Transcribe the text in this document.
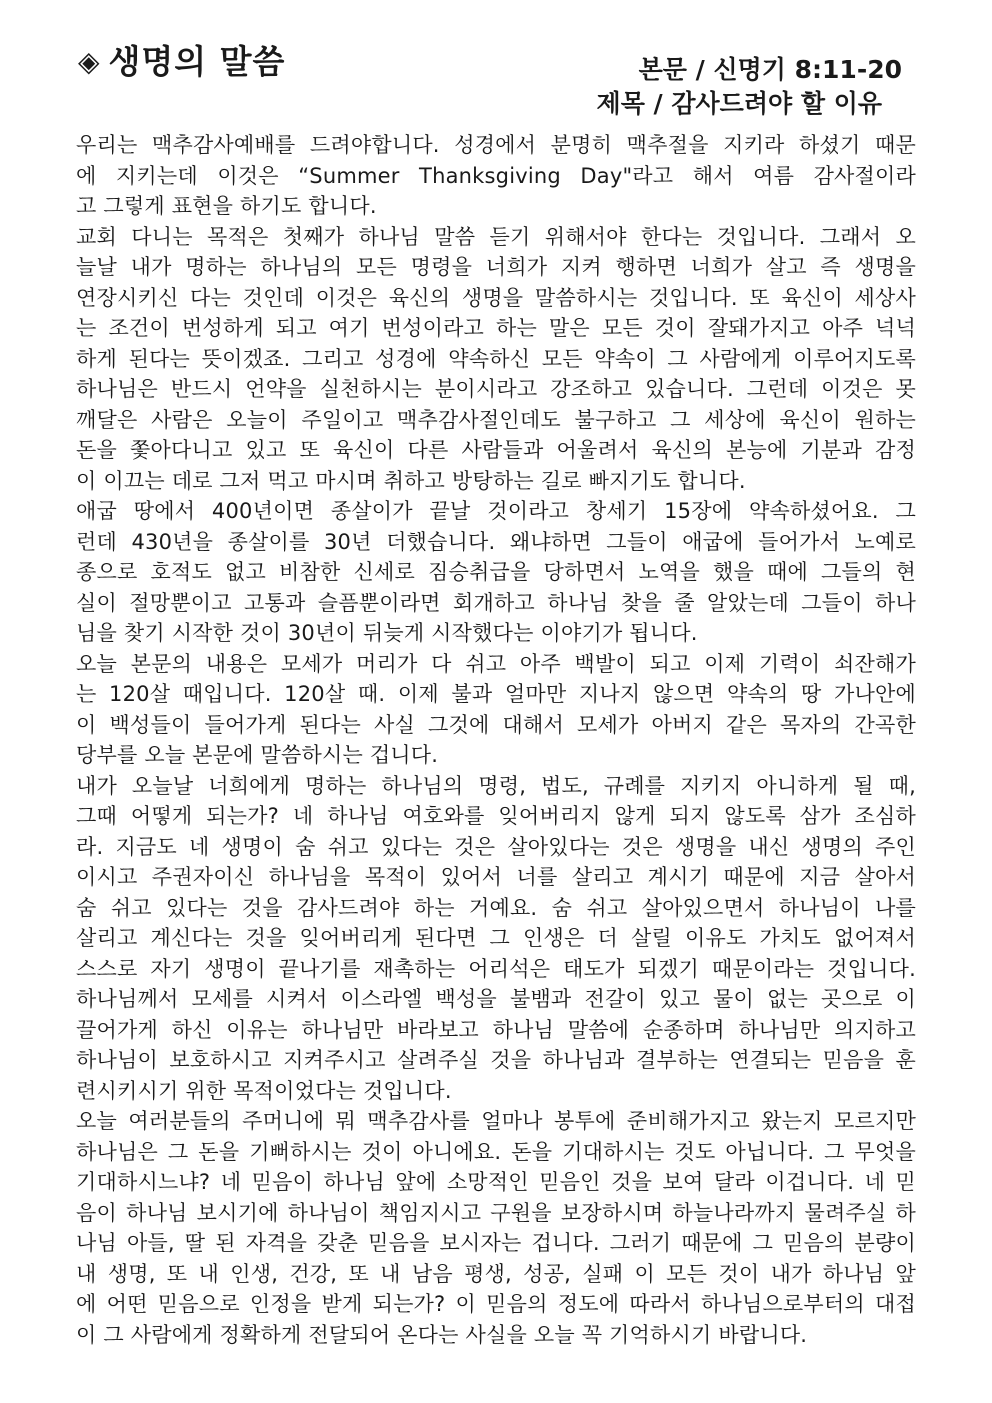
◈ 생명의 말씀	본문 / 신명기 8:11-20
제목 / 감사드려야 할 이유
우리는 맥추감사예배를 드려야합니다. 성경에서 분명히 맥추절을 지키라 하셨기 때문
에 지키는데 이것은 “Summer Thanksgiving Day"라고 해서 여름 감사절이라
고 그렇게 표현을 하기도 합니다.
교회 다니는 목적은 첫째가 하나님 말씀 듣기 위해서야 한다는 것입니다. 그래서 오
늘날 내가 명하는 하나님의 모든 명령을 너희가 지켜 행하면 너희가 살고 즉 생명을
연장시키신 다는 것인데 이것은 육신의 생명을 말씀하시는 것입니다. 또 육신이 세상사
는 조건이 번성하게 되고 여기 번성이라고 하는 말은 모든 것이 잘돼가지고 아주 넉넉
하게 된다는 뜻이겠죠. 그리고 성경에 약속하신 모든 약속이 그 사람에게 이루어지도록
하나님은 반드시 언약을 실천하시는 분이시라고 강조하고 있습니다. 그런데 이것은 못
깨달은 사람은 오늘이 주일이고 맥추감사절인데도 불구하고 그 세상에 육신이 원하는
돈을 쫓아다니고 있고 또 육신이 다른 사람들과 어울려서 육신의 본능에 기분과 감정
이 이끄는 데로 그저 먹고 마시며 취하고 방탕하는 길로 빠지기도 합니다.
애굽 땅에서 400년이면 종살이가 끝날 것이라고 창세기 15장에 약속하셨어요. 그
런데 430년을 종살이를 30년 더했습니다. 왜냐하면 그들이 애굽에 들어가서 노예로
종으로 호적도 없고 비참한 신세로 짐승취급을 당하면서 노역을 했을 때에 그들의 현
실이 절망뿐이고 고통과 슬픔뿐이라면 회개하고 하나님 찾을 줄 알았는데 그들이 하나
님을 찾기 시작한 것이 30년이 뒤늦게 시작했다는 이야기가 됩니다.
오늘 본문의 내용은 모세가 머리가 다 쉬고 아주 백발이 되고 이제 기력이 쇠잔해가
는 120살 때입니다. 120살 때. 이제 불과 얼마만 지나지 않으면 약속의 땅 가나안에
이 백성들이 들어가게 된다는 사실 그것에 대해서 모세가 아버지 같은 목자의 간곡한
당부를 오늘 본문에 말씀하시는 겁니다.
내가 오늘날 너희에게 명하는 하나님의 명령, 법도, 규례를 지키지 아니하게 될 때,
그때 어떻게 되는가? 네 하나님 여호와를 잊어버리지 않게 되지 않도록 삼가 조심하
라. 지금도 네 생명이 숨 쉬고 있다는 것은 살아있다는 것은 생명을 내신 생명의 주인
이시고 주권자이신 하나님을 목적이 있어서 너를 살리고 계시기 때문에 지금 살아서
숨 쉬고 있다는 것을 감사드려야 하는 거예요. 숨 쉬고 살아있으면서 하나님이 나를
살리고 계신다는 것을 잊어버리게 된다면 그 인생은 더 살릴 이유도 가치도 없어져서
스스로 자기 생명이 끝나기를 재촉하는 어리석은 태도가 되겠기 때문이라는 것입니다.
하나님께서 모세를 시켜서 이스라엘 백성을 불뱀과 전갈이 있고 물이 없는 곳으로 이
끌어가게 하신 이유는 하나님만 바라보고 하나님 말씀에 순종하며 하나님만 의지하고
하나님이 보호하시고 지켜주시고 살려주실 것을 하나님과 결부하는 연결되는 믿음을 훈
련시키시기 위한 목적이었다는 것입니다.
오늘 여러분들의 주머니에 뭐 맥추감사를 얼마나 봉투에 준비해가지고 왔는지 모르지만
하나님은 그 돈을 기뻐하시는 것이 아니에요. 돈을 기대하시는 것도 아닙니다. 그 무엇을
기대하시느냐? 네 믿음이 하나님 앞에 소망적인 믿음인 것을 보여 달라 이겁니다. 네 믿
음이 하나님 보시기에 하나님이 책임지시고 구원을 보장하시며 하늘나라까지 물려주실 하
나님 아들, 딸 된 자격을 갖춘 믿음을 보시자는 겁니다. 그러기 때문에 그 믿음의 분량이
내 생명, 또 내 인생, 건강, 또 내 남음 평생, 성공, 실패 이 모든 것이 내가 하나님 앞
에 어떤 믿음으로 인정을 받게 되는가? 이 믿음의 정도에 따라서 하나님으로부터의 대접
이 그 사람에게 정확하게 전달되어 온다는 사실을 오늘 꼭 기억하시기 바랍니다.
